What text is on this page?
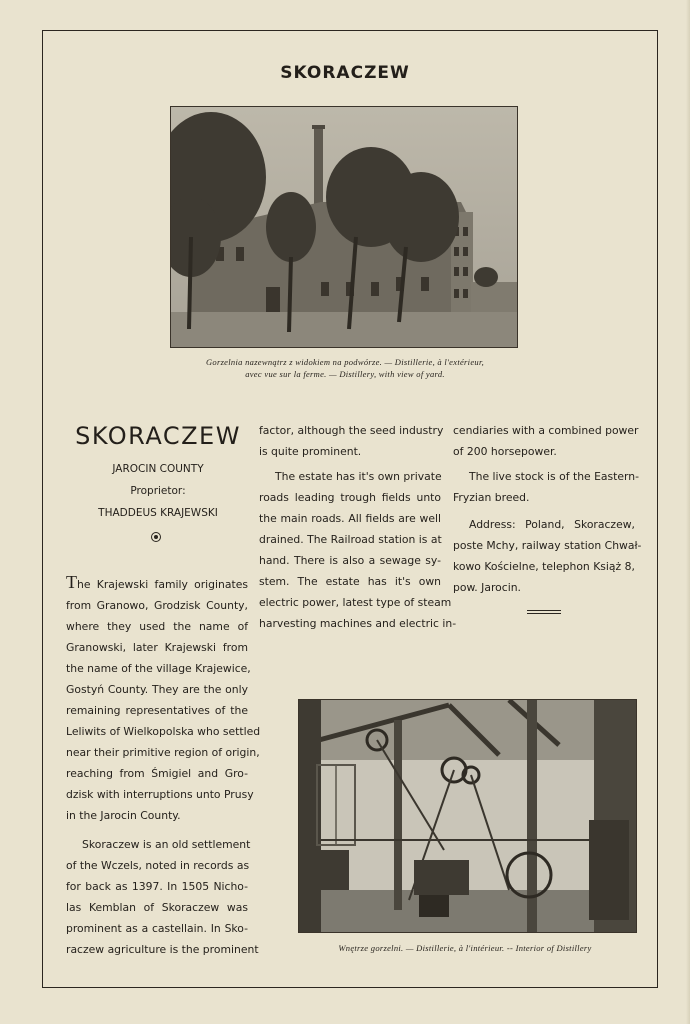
SKORACZEW
Gorzelnia nazewnątrz z widokiem na podwórze. — Distillerie, à l'extérieur,
avec vue sur la ferme. — Distillery, with view of yard.
SKORACZEW

JAROCIN COUNTY

Proprietor:

THADDEUS KRAJEWSKI

The Krajewski family originates
from Granowo, Grodzisk County,
where they used the name of
Granowski, later Krajewski from
the name of the village Krajewice,
Gostyń County. They are the only
remaining representatives of the
Leliwits of Wielkopolska who settled
near their primitive region of origin,
reaching from Śmigiel and Gro-
dzisk with interruptions unto Prusy
in the Jarocin County.
Skoraczew is an old settlement
of the Wczels, noted in records as
for back as 1397. In 1505 Nicho-
las Kemblan of Skoraczew was
prominent as a castellain. In Sko-
raczew agriculture is the prominent
factor, although the seed industry
is quite prominent.
The estate has it's own private
roads leading trough fields unto
the main roads. All fields are well
drained. The Railroad station is at
hand. There is also a sewage sy-
stem. The estate has it's own
electric power, latest type of steam
harvesting machines and electric in-
cendiaries with a combined power
of 200 horsepower.
The live stock is of the Eastern-
Fryzian breed.
Address: Poland, Skoraczew,
poste Mchy, railway station Chwał-
kowo Kościelne, telephon Książ 8,
pow. Jarocin.
Wnętrze gorzelni. — Distillerie, à l'intérieur. -- Interior of Distillery
